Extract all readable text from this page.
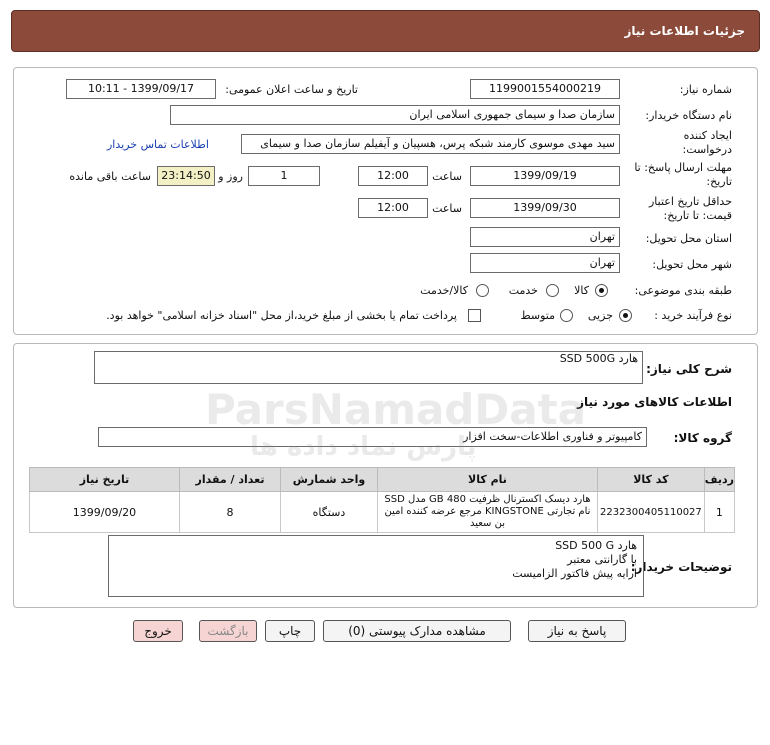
جزئیات اطلاعات نیاز
شماره نیاز:
1199001554000219
تاریخ و ساعت اعلان عمومی:
1399/09/17 - 10:11
نام دستگاه خریدار:
سازمان صدا و سیمای جمهوری اسلامی ایران
ایجاد کننده درخواست:
سید مهدی موسوی کارمند شبکه پرس، هسپیان و آیفیلم سازمان صدا و سیمای
اطلاعات تماس خریدار
مهلت ارسال پاسخ: تا تاریخ:
1399/09/19
ساعت
12:00
1
روز و
23:14:50
ساعت باقی مانده
حداقل تاریخ اعتبار قیمت: تا تاریخ:
1399/09/30
ساعت
12:00
استان محل تحویل:
تهران
شهر محل تحویل:
تهران
طبقه بندی موضوعی:
کالا
خدمت
کالا/خدمت
نوع فرآیند خرید :
جزیی
متوسط
پرداخت تمام یا بخشی از مبلغ خرید،از محل "اسناد خزانه اسلامی" خواهد بود.
شرح کلی نیاز:
هارد SSD 500G
اطلاعات کالاهای مورد نیاز
گروه کالا:
کامپیوتر و فناوری اطلاعات-سخت افزار
ردیف	کد کالا	نام کالا	واحد شمارش	تعداد / مقدار	تاریخ نیاز
1	2232300405110027	هارد دیسک اکسترنال ظرفیت 480 GB مدل SSD نام تجارتی KINGSTONE مرجع عرضه کننده امین بن سعید	دستگاه	8	1399/09/20
توضیحات خریدار:
هارد SSD 500 G
با گارانتی معتبر
ارایه پیش فاکتور الزامیست
پاسخ به نیاز
مشاهده مدارک پیوستی (0)
چاپ
بازگشت
خروج
